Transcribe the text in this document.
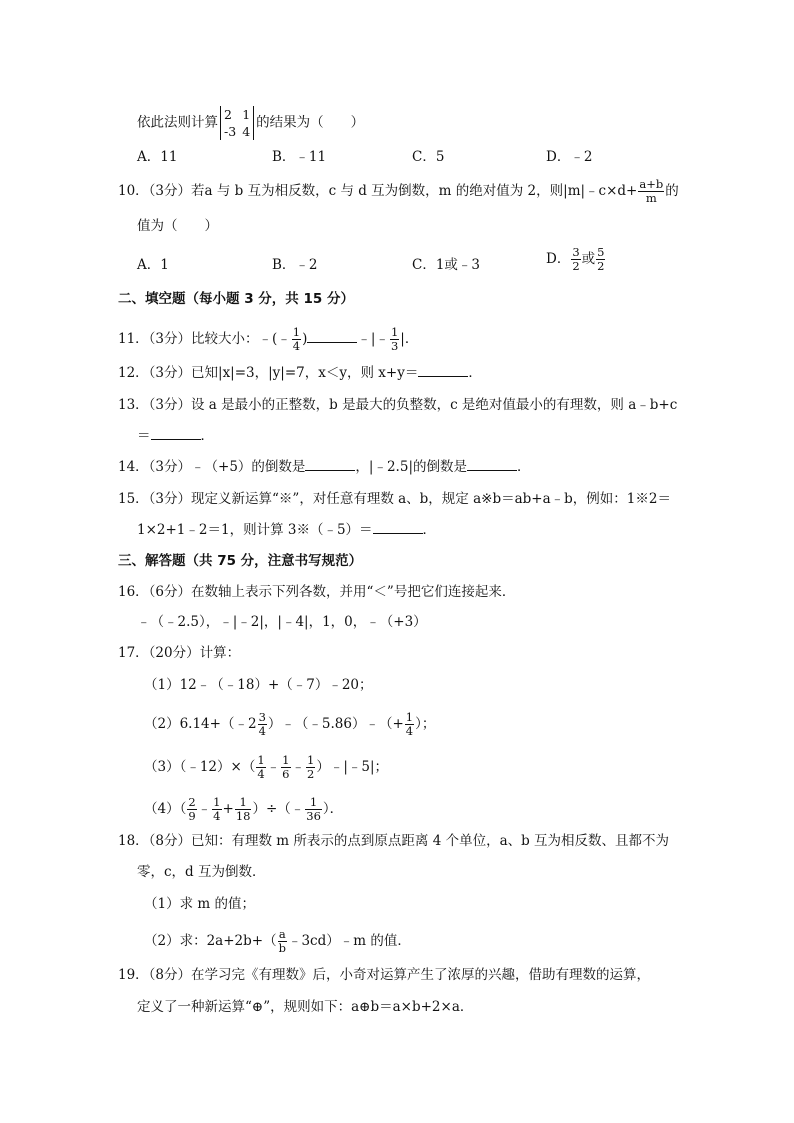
依此法则计算 2 1
-3 4
的结果为（　　）
A．11	B．﹣11	C．5	D．﹣2
10．（3分）若a 与 b 互为相反数，c 与 d 互为倒数，m 的绝对值为 2，则|m|﹣c×d+ $\frac{a+b}{m}$ 的
值为（　　）
A．1	B．﹣2	C．1或﹣3	D． $\frac{3}{2}$ 或 $\frac{5}{2}$
二、填空题（每小题 3 分，共 15 分）
11．（3分）比较大小：﹣(﹣ $\frac{1}{4}$ )	﹣|﹣ $\frac{1}{3}$ |．
12．（3分）已知|x|=3，|y|=7，x＜y，则 x+y＝	．
13．（3分）设 a 是最小的正整数，b 是最大的负整数，c 是绝对值最小的有理数，则 a﹣b+c
＝	．
14．（3分）﹣（+5）的倒数是	，|﹣2.5|的倒数是	．
15．（3分）现定义新运算“※”，对任意有理数 a、b，规定 a※b＝ab+a﹣b，例如：1※2＝
1×2+1﹣2＝1，则计算 3※（﹣5）＝	．
三、解答题（共 75 分，注意书写规范）
16．（6分）在数轴上表示下列各数，并用“＜”号把它们连接起来．
﹣（﹣2.5），﹣|﹣2|，|﹣4|，1，0，﹣（+3）
17．（20分）计算：
（1）12﹣（﹣18）+（﹣7）﹣20；
（2）6.14+（﹣2 $\frac{3}{4}$ ）﹣（﹣5.86）﹣（+ $\frac{1}{4}$ ）；
（3）（﹣12）×（ $\frac{1}{4}$ ﹣ $\frac{1}{6}$ ﹣ $\frac{1}{2}$ ）﹣|﹣5|；
$(4)( \frac{2}{9}$ ﹣ $\frac{1}{4} + \frac{1}{18}$ ）÷（﹣ $\frac{1}{36}$ ）．
18．（8分）已知：有理数 m 所表示的点到原点距离 4 个单位，a、b 互为相反数、且都不为
零，c，d 互为倒数．
（1）求 m 的值；
（2）求：$2a+2b+( \frac{a}{b}$ ﹣3cd）﹣m 的值．
19．（8分）在学习完《有理数》后，小奇对运算产生了浓厚的兴趣，借助有理数的运算，
定义了一种新运算“⊕”，规则如下：a⊕b＝a×b+2×a．
